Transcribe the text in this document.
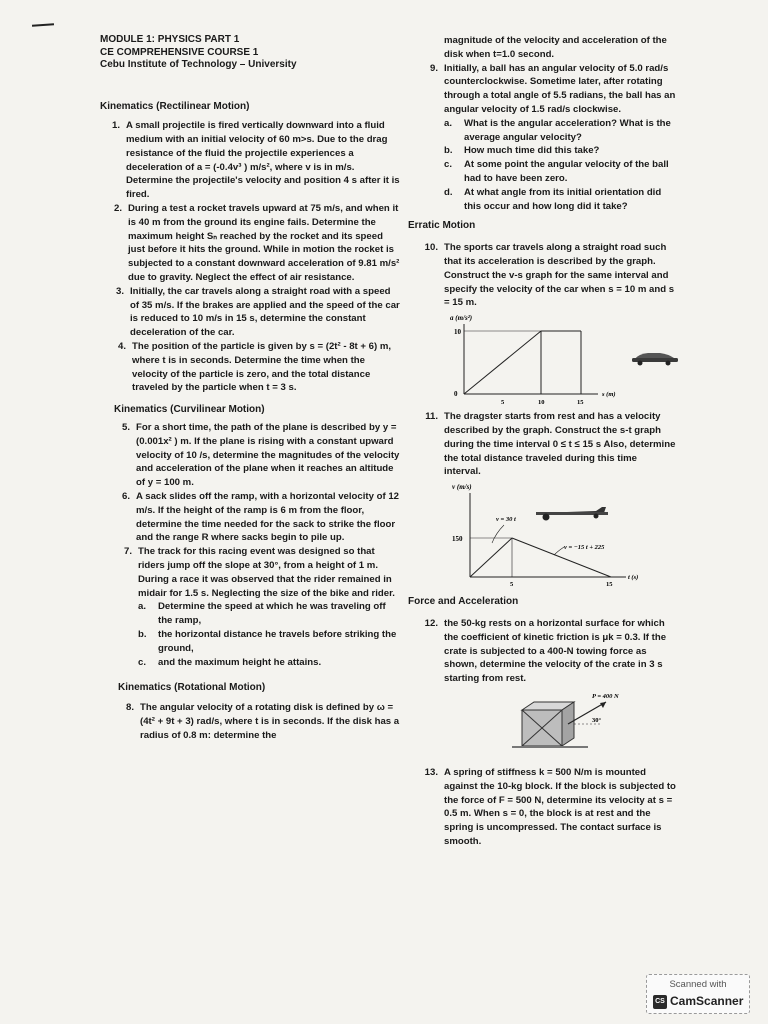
MODULE 1: PHYSICS PART 1

CE COMPREHENSIVE COURSE 1

Cebu Institute of Technology – University

Kinematics (Rectilinear Motion)

1. A small projectile is fired vertically downward into a fluid medium with an initial velocity of 60 m>s. Due to the drag resistance of the fluid the projectile experiences a deceleration of a = (-0.4v³ ) m/s², where v is in m/s. Determine the projectile's velocity and position 4 s after it is fired.
2. During a test a rocket travels upward at 75 m/s, and when it is 40 m from the ground its engine fails. Determine the maximum height Sₙ reached by the rocket and its speed just before it hits the ground. While in motion the rocket is subjected to a constant downward acceleration of 9.81 m/s² due to gravity. Neglect the effect of air resistance.
3. Initially, the car travels along a straight road with a speed of 35 m/s. If the brakes are applied and the speed of the car is reduced to 10 m/s in 15 s, determine the constant deceleration of the car.
4. The position of the particle is given by s = (2t² - 8t + 6) m, where t is in seconds. Determine the time when the velocity of the particle is zero, and the total distance traveled by the particle when t = 3 s.

Kinematics (Curvilinear Motion)

5. For a short time, the path of the plane is described by y = (0.001x² ) m. If the plane is rising with a constant upward velocity of 10 /s, determine the magnitudes of the velocity and acceleration of the plane when it reaches an altitude of y = 100 m.
6. A sack slides off the ramp, with a horizontal velocity of 12 m/s. If the height of the ramp is 6 m from the floor, determine the time needed for the sack to strike the floor and the range R where sacks begin to pile up.
7. The track for this racing event was designed so that riders jump off the slope at 30°, from a height of 1 m. During a race it was observed that the rider remained in midair for 1.5 s. Neglecting the size of the bike and rider.
a.	Determine the speed at which he was traveling off the ramp,
b.	the horizontal distance he travels before striking the ground,
c.	and the maximum height he attains.

Kinematics (Rotational Motion)

8. The angular velocity of a rotating disk is defined by ω = (4t² + 9t + 3) rad/s, where t is in seconds. If the disk has a radius of 0.8 m: determine the
magnitude of the velocity and acceleration of the disk when t=1.0 second.
9. Initially, a ball has an angular velocity of 5.0 rad/s counterclockwise. Sometime later, after rotating through a total angle of 5.5 radians, the ball has an angular velocity of 1.5 rad/s clockwise.
a.	What is the angular acceleration? What is the average angular velocity?
b.	How much time did this take?
c.	At some point the angular velocity of the ball had to have been zero.
d.	At what angle from its initial orientation did this occur and how long did it take?

Erratic Motion

10. The sports car travels along a straight road such that its acceleration is described by the graph. Construct the v-s graph for the same interval and specify the velocity of the car when s = 10 m and s = 15 m.
a (m/s²)
10
0
5	10	15
s (m)
11. The dragster starts from rest and has a velocity described by the graph. Construct the s-t graph during the time interval 0 ≤ t ≤ 15 s Also, determine the total distance traveled during this time interval.
v (m/s)
150
v = 30 t
v = −15 t + 225
5	15
t (s)

Force and Acceleration

12. the 50-kg rests on a horizontal surface for which the coefficient of kinetic friction is μk = 0.3. If the crate is subjected to a 400-N towing force as shown, determine the velocity of the crate in 3 s starting from rest.
P = 400 N
30°
13. A spring of stiffness k = 500 N/m is mounted against the 10-kg block. If the block is subjected to the force of F = 500 N, determine its velocity at s = 0.5 m. When s = 0, the block is at rest and the spring is uncompressed. The contact surface is smooth.
Scanned with
CS CamScanner
